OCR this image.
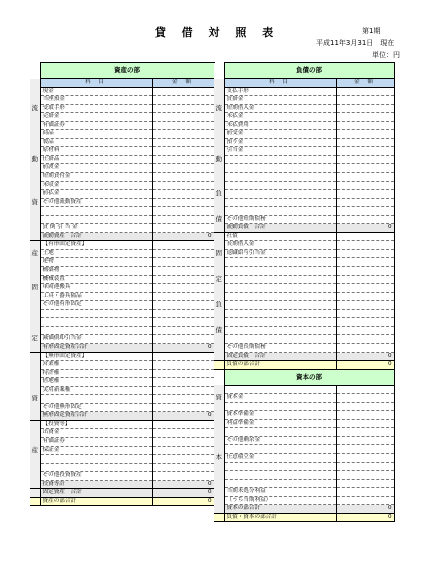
貸 借 対 照 表	第1期
平成11年3月31日　現在
単位：円
	資産の部	
	科 目	金 額
	現金	
	当座預金	
流	受取手形	
	売掛金	
	有価証券	
	商品	
	製品	
	原材料	
動	仕掛品	
	前渡金	
	短期貸付金	
	未収金	
	前払金	
資	その他流動資産	

	貸 倒 引 当 金	
	流動資産　合計	0
	【有形固定資産】	
産	土地	
	建物	
	構築物	
	機械装置	
固	車両運搬具	
	工具・器具備品	
	その他有形固定	

定	減価償却引当金	
	有形固定資産合計	0
	【無形固定資産】	
	営業権	
	特許権	
	借地権	
	実用新案権	
資		
	その他無形固定	
	無形固定資産合計	0
	【投資等】	
	出資金	
	有価証券	
産	保証金	

	その他投資資産	
	投資等計	0
	固定資産　合計	0
	資産の部合計	0
	負債の部	
	科 目	金 額
	支払手形	
	買掛金	
流	短期借入金	
	未払金	
	未払費用	
	前受金	
	預り金	
	引当金	
動		

負		

債	その他短期債務	
	流動負債　合計	0
	社債	
	長期借入金	
固	退職給与引当金	

定		

負		

債		

	その他長期債務	
	固定負債　合計	0
	負債の部合計	0
	資本の部	

資	資本金	

	資本準備金	
	利益準備金	

	その他剰余金	

本	任意積立金	

	当期未処分利益	
	（うち当期利益）	
	資本の部合計	0
	負債・資本の部合計	0
